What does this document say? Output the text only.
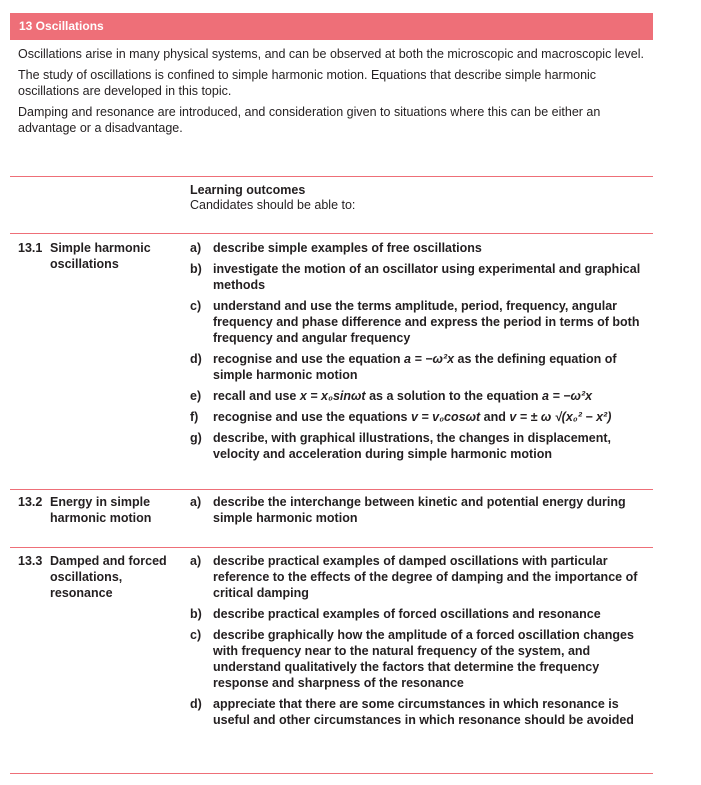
13 Oscillations

Oscillations arise in many physical systems, and can be observed at both the microscopic and macroscopic level.

The study of oscillations is confined to simple harmonic motion. Equations that describe simple harmonic oscillations are developed in this topic.

Damping and resonance are introduced, and consideration given to situations where this can be either an advantage or a disadvantage.

Learning outcomes
Candidates should be able to:
13.1 Simple harmonic oscillations
a) describe simple examples of free oscillations
b) investigate the motion of an oscillator using experimental and graphical methods
c) understand and use the terms amplitude, period, frequency, angular frequency and phase difference and express the period in terms of both frequency and angular frequency
d) recognise and use the equation a = −ω²x as the defining equation of simple harmonic motion
e) recall and use x = x₀sinωt as a solution to the equation a = −ω²x
f) recognise and use the equations v = v₀cosωt and v = ± ω √(x₀² − x²)
g) describe, with graphical illustrations, the changes in displacement, velocity and acceleration during simple harmonic motion
13.2 Energy in simple harmonic motion
a) describe the interchange between kinetic and potential energy during simple harmonic motion
13.3 Damped and forced oscillations, resonance
a) describe practical examples of damped oscillations with particular reference to the effects of the degree of damping and the importance of critical damping
b) describe practical examples of forced oscillations and resonance
c) describe graphically how the amplitude of a forced oscillation changes with frequency near to the natural frequency of the system, and understand qualitatively the factors that determine the frequency response and sharpness of the resonance
d) appreciate that there are some circumstances in which resonance is useful and other circumstances in which resonance should be avoided
